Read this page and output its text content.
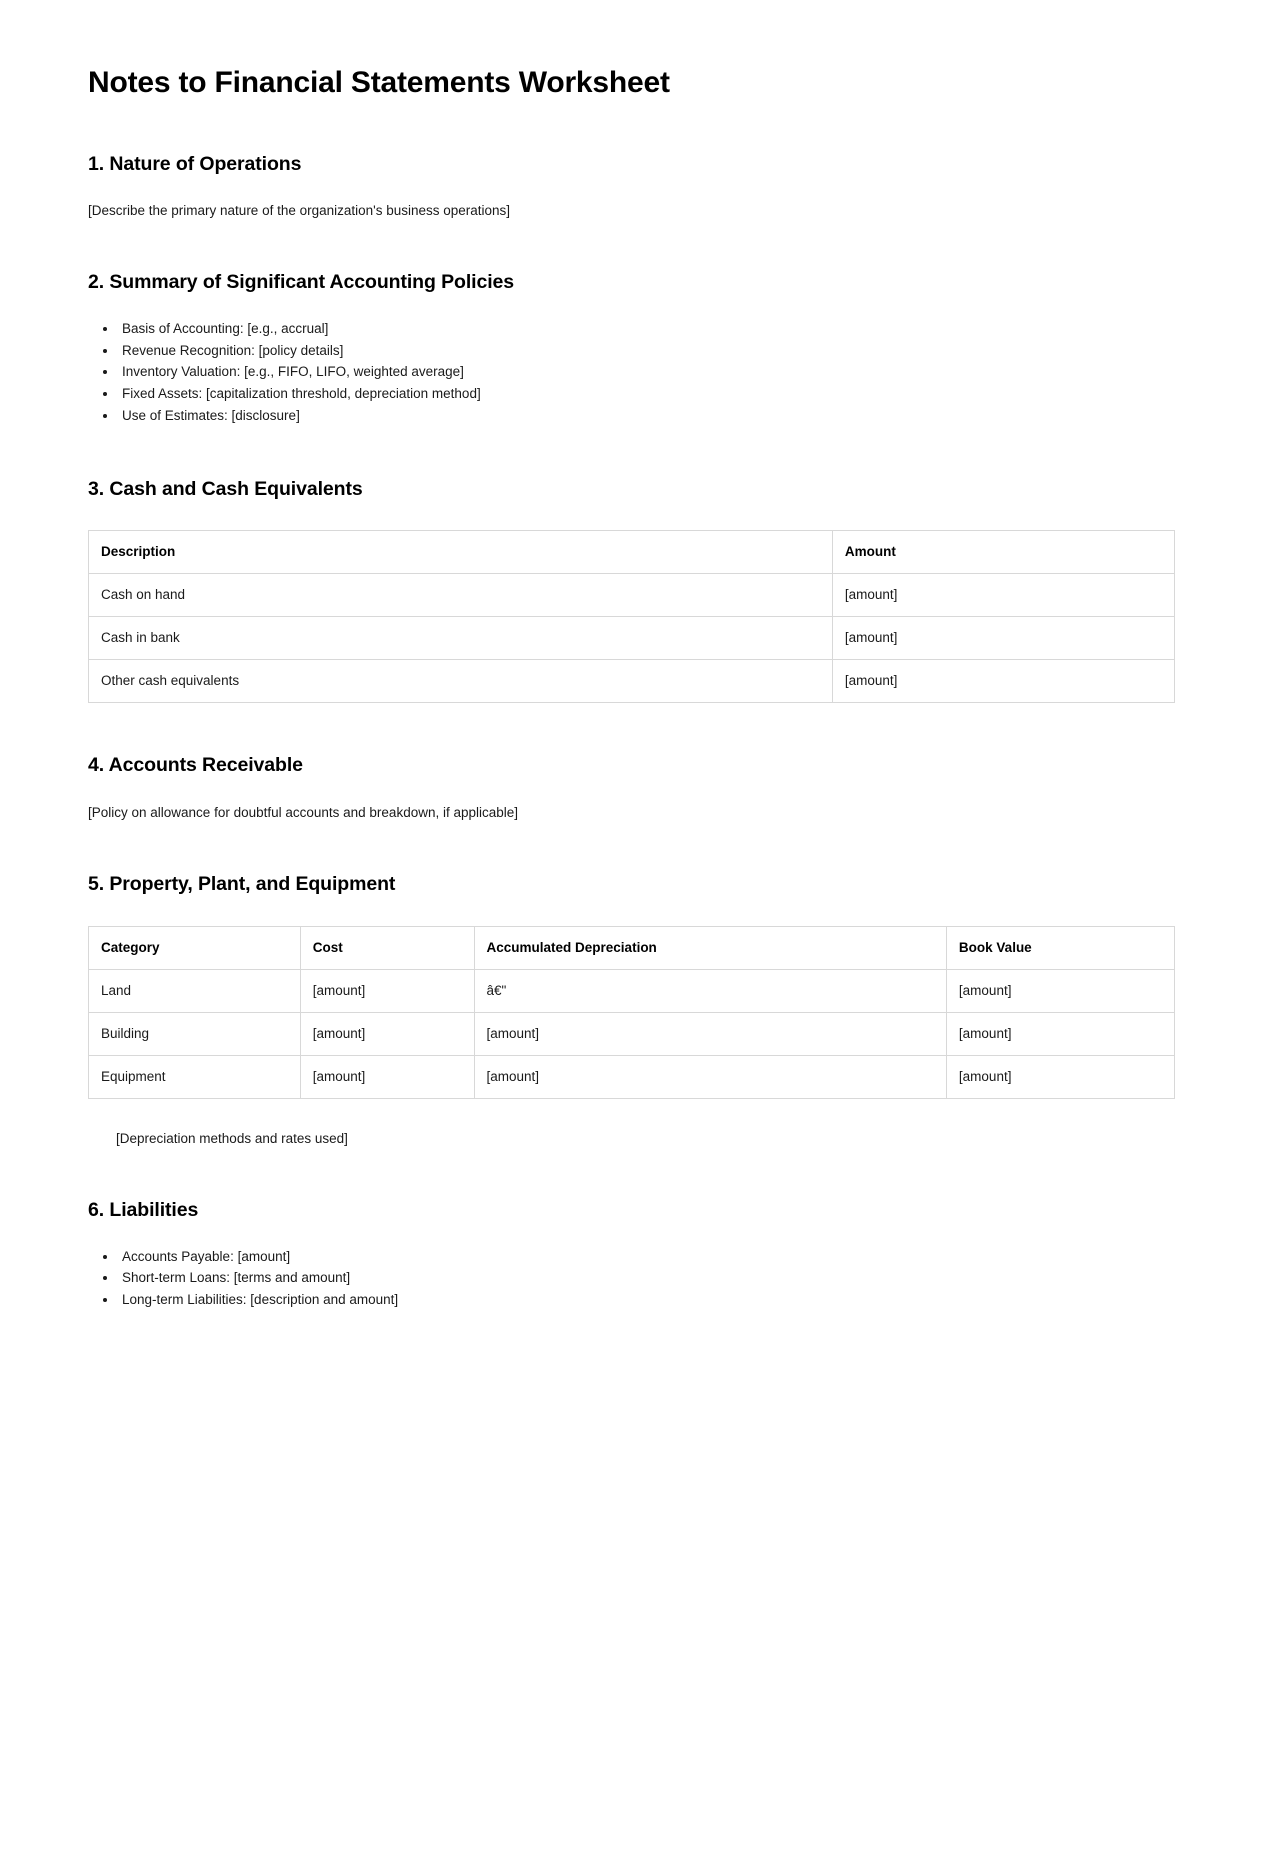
Notes to Financial Statements Worksheet
1. Nature of Operations

[Describe the primary nature of the organization's business operations]

2. Summary of Significant Accounting Policies
• Basis of Accounting: [e.g., accrual]
• Revenue Recognition: [policy details]
• Inventory Valuation: [e.g., FIFO, LIFO, weighted average]
• Fixed Assets: [capitalization threshold, depreciation method]
• Use of Estimates: [disclosure]
3. Cash and Cash Equivalents
Description	Amount
Cash on hand	[amount]
Cash in bank	[amount]
Other cash equivalents	[amount]
4. Accounts Receivable

[Policy on allowance for doubtful accounts and breakdown, if applicable]

5. Property, Plant, and Equipment
Category	Cost	Accumulated Depreciation	Book Value
Land	[amount]	â€"	[amount]
Building	[amount]	[amount]	[amount]
Equipment	[amount]	[amount]	[amount]

[Depreciation methods and rates used]

6. Liabilities
• Accounts Payable: [amount]
• Short-term Loans: [terms and amount]
• Long-term Liabilities: [description and amount]
